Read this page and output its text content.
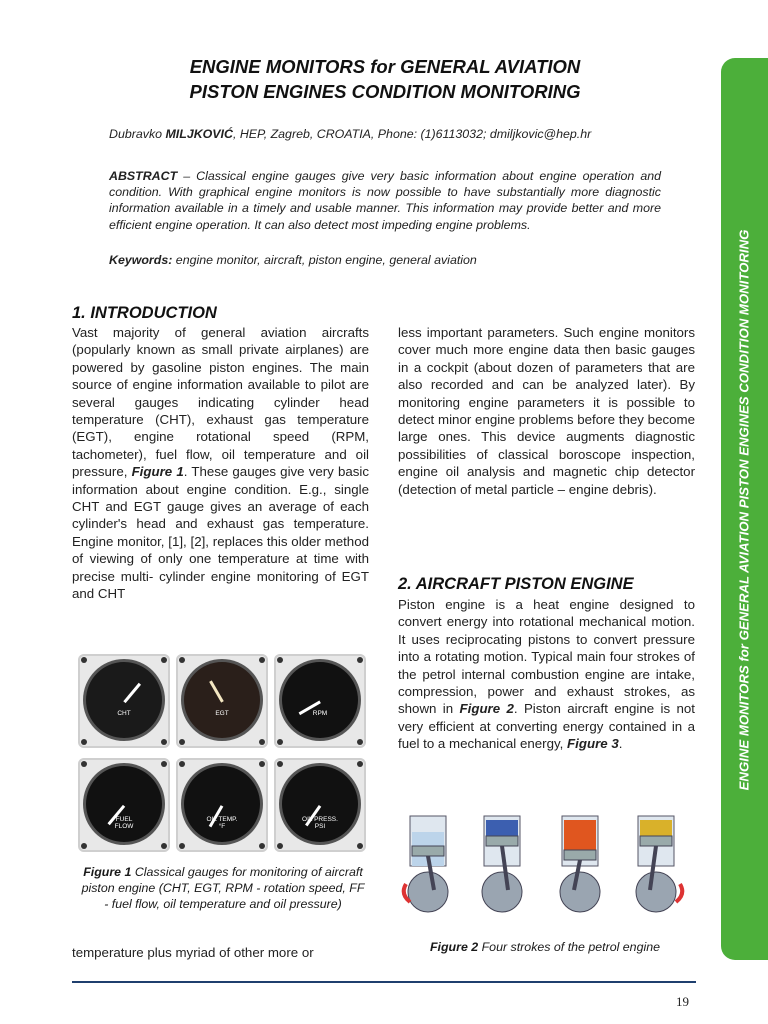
ENGINE MONITORS for GENERAL AVIATION
PISTON ENGINES CONDITION MONITORING
Dubravko MILJKOVIĆ, HEP, Zagreb, CROATIA, Phone: (1)6113032; dmiljkovic@hep.hr
ABSTRACT – Classical engine gauges give very basic information about engine operation and condition. With graphical engine monitors is now possible to have substantially more diagnostic information available in a timely and usable manner. This information may provide better and more efficient engine operation. It can also detect most impeding engine problems.
Keywords: engine monitor, aircraft, piston engine, general aviation
1. INTRODUCTION

Vast majority of general aviation aircrafts (popularly known as small private airplanes) are powered by gasoline piston engines. The main source of engine information available to pilot are several gauges indicating cylinder head temperature (CHT), exhaust gas temperature (EGT), engine rotational speed (RPM, tachometer), fuel flow, oil temperature and oil pressure, Figure 1. These gauges give very basic information about engine condition. E.g., single CHT and EGT gauge gives an average of each cylinder's head and exhaust gas temperature. Engine monitor, [1], [2], replaces this older method of viewing of only one temperature at time with precise multi- cylinder engine monitoring of EGT and CHT

CHT	EGT	RPM
FUEL
FLOW
OIL TEMP.
°F
OIL PRESS.
PSI
Figure 1 Classical gauges for monitoring of aircraft piston engine (CHT, EGT, RPM - rotation speed, FF - fuel flow, oil temperature and oil pressure)
temperature plus myriad of other more or
less important parameters. Such engine monitors cover much more engine data then basic gauges in a cockpit (about dozen of parameters that are also recorded and can be analyzed later). By monitoring engine parameters it is possible to detect minor engine problems before they become large ones. This device augments diagnostic possibilities of classical boroscope inspection, engine oil analysis and magnetic chip detector (detection of metal particle – engine debris).
2. AIRCRAFT PISTON ENGINE
Piston engine is a heat engine designed to convert energy into rotational mechanical motion. It uses reciprocating pistons to convert pressure into a rotating motion. Typical main four strokes of the petrol internal combustion engine are intake, compression, power and exhaust strokes, as shown in Figure 2. Piston aircraft engine is not very efficient at converting energy contained in a fuel to a mechanical energy, Figure 3.
Figure 2 Four strokes of the petrol engine
ENGINE MONITORS for GENERAL AVIATION PISTON ENGINES CONDITION MONITORING
19
